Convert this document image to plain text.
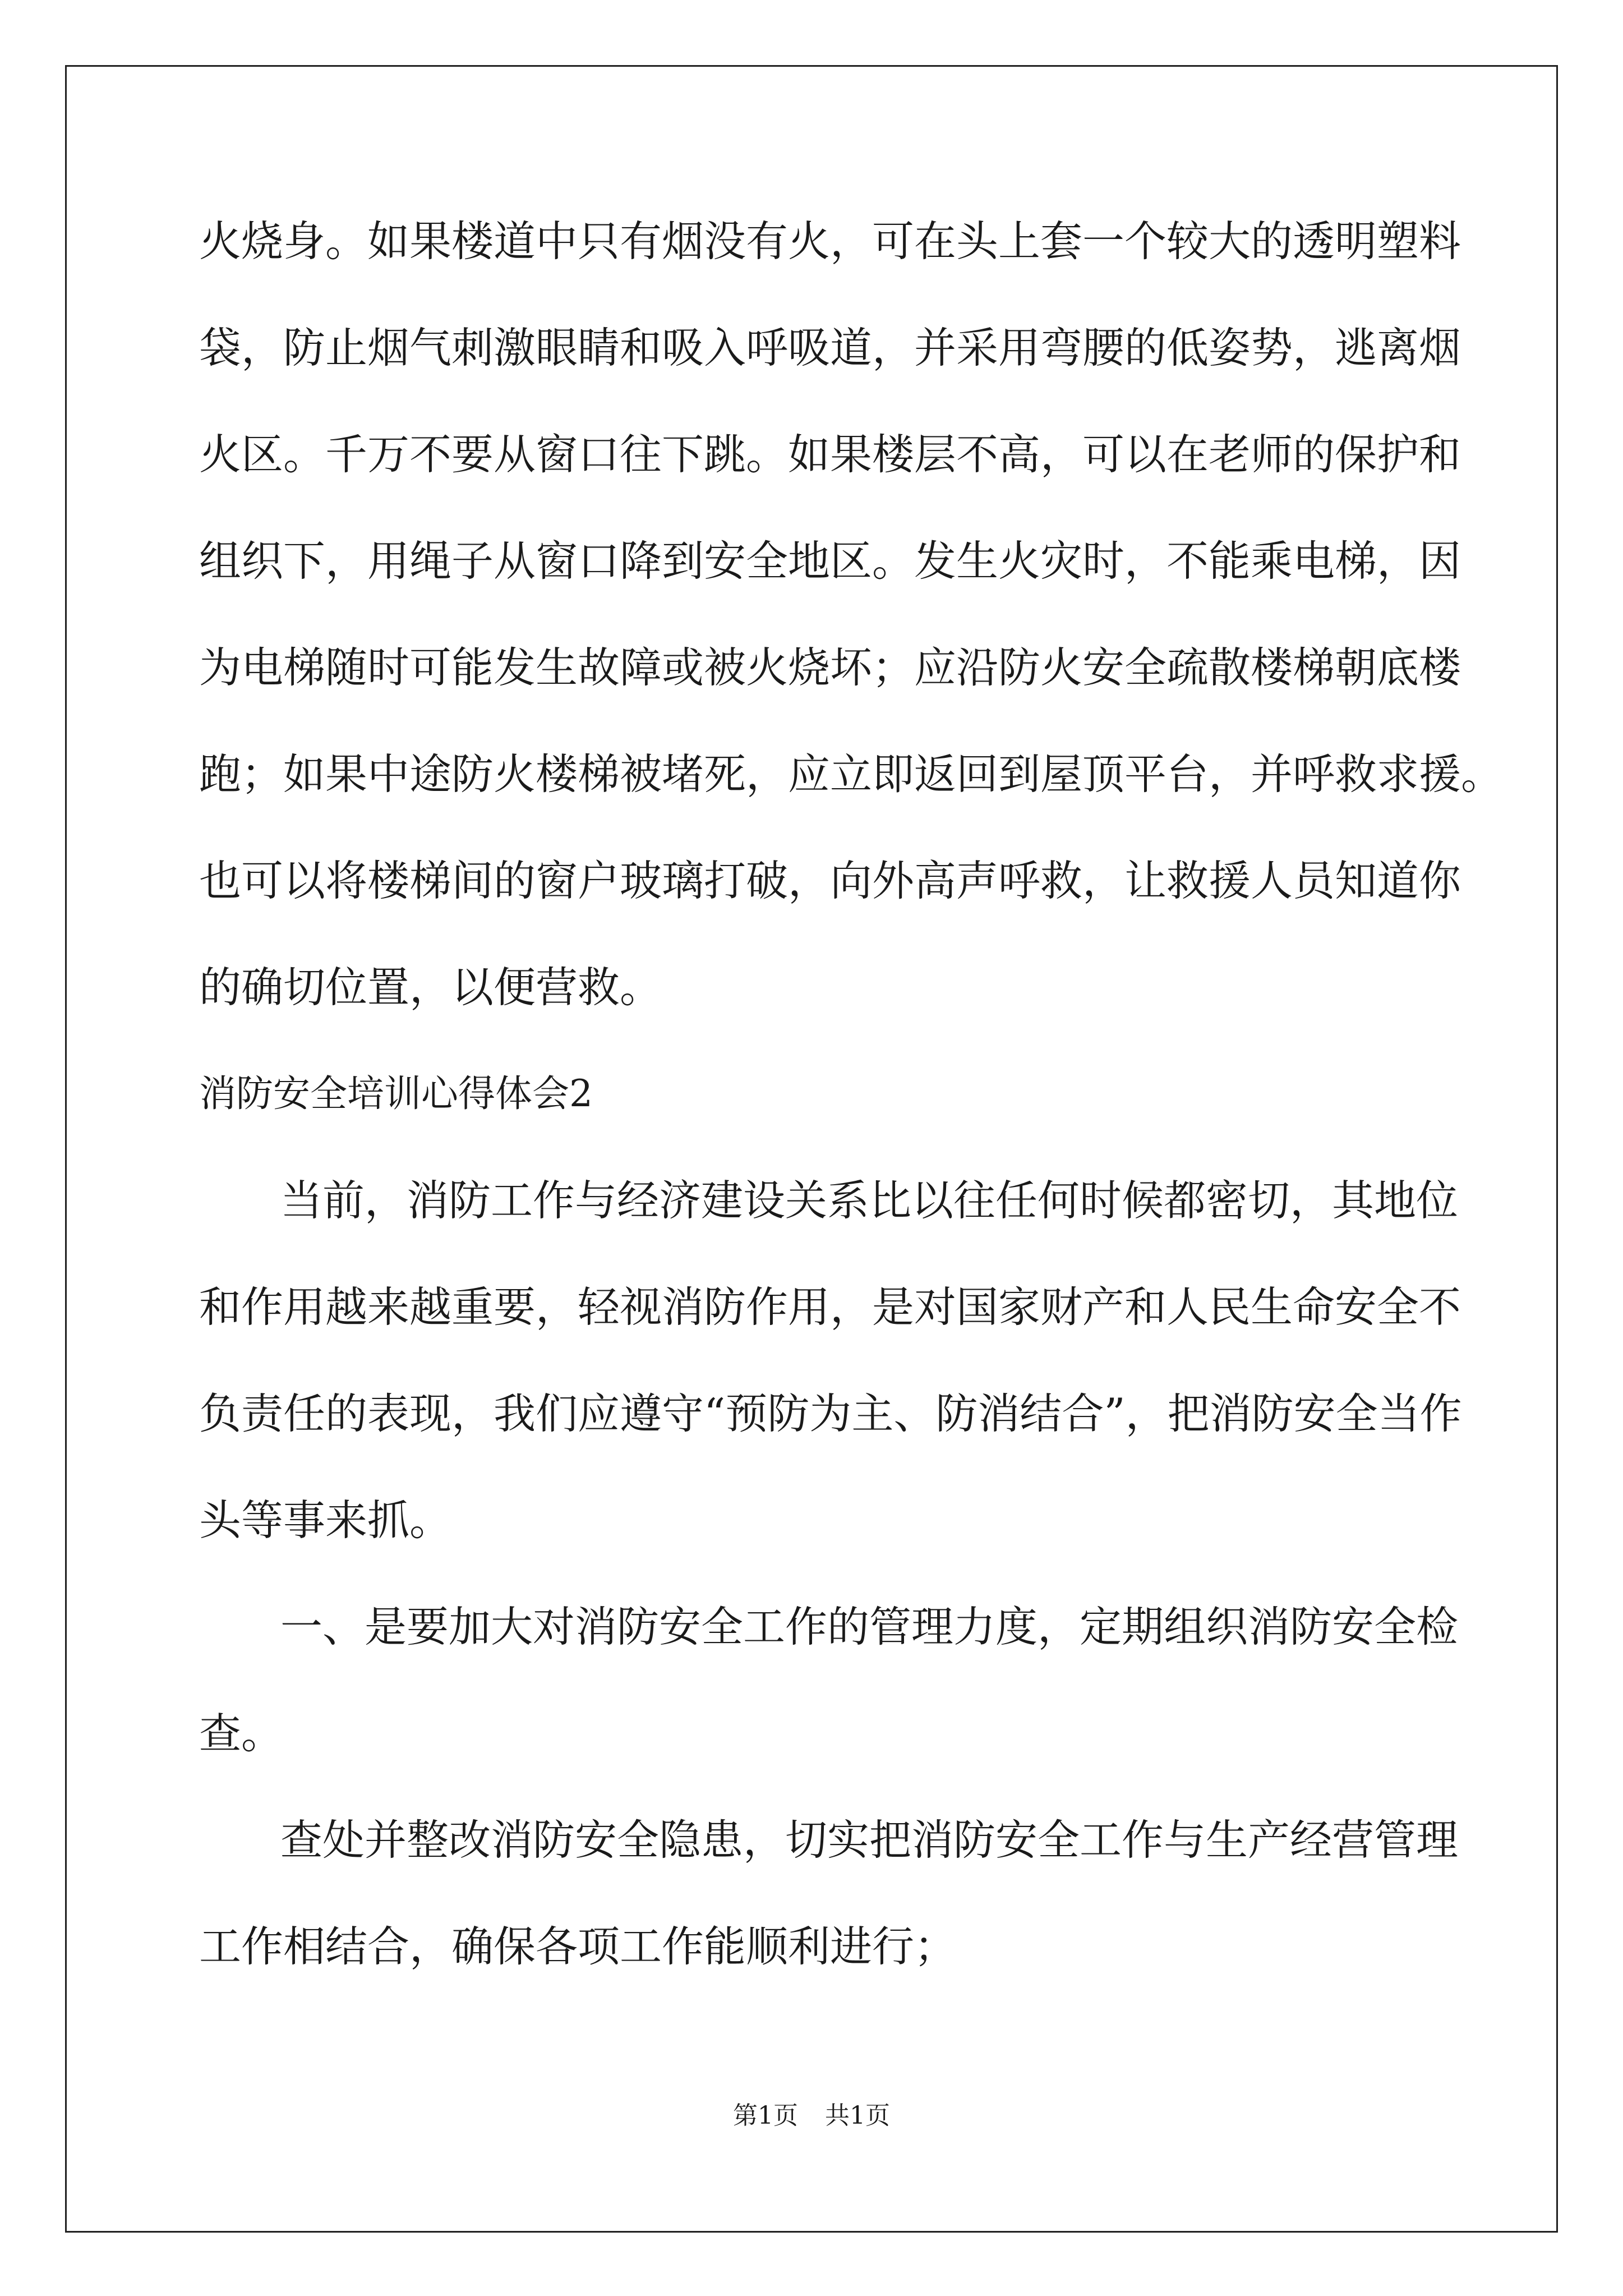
火烧身。如果楼道中只有烟没有火，可在头上套一个较大的透明塑料
袋，防止烟气刺激眼睛和吸入呼吸道，并采用弯腰的低姿势，逃离烟
火区。千万不要从窗口往下跳。如果楼层不高，可以在老师的保护和
组织下，用绳子从窗口降到安全地区。发生火灾时，不能乘电梯，因
为电梯随时可能发生故障或被火烧坏；应沿防火安全疏散楼梯朝底楼
跑；如果中途防火楼梯被堵死，应立即返回到屋顶平台，并呼救求援。
也可以将楼梯间的窗户玻璃打破，向外高声呼救，让救援人员知道你
的确切位置，以便营救。
消防安全培训心得体会2
当前，消防工作与经济建设关系比以往任何时候都密切，其地位
和作用越来越重要，轻视消防作用，是对国家财产和人民生命安全不
负责任的表现，我们应遵守“预防为主、防消结合”，把消防安全当作
头等事来抓。
一、是要加大对消防安全工作的管理力度，定期组织消防安全检
查。
查处并整改消防安全隐患，切实把消防安全工作与生产经营管理
工作相结合，确保各项工作能顺利进行；
第1页 共1页
